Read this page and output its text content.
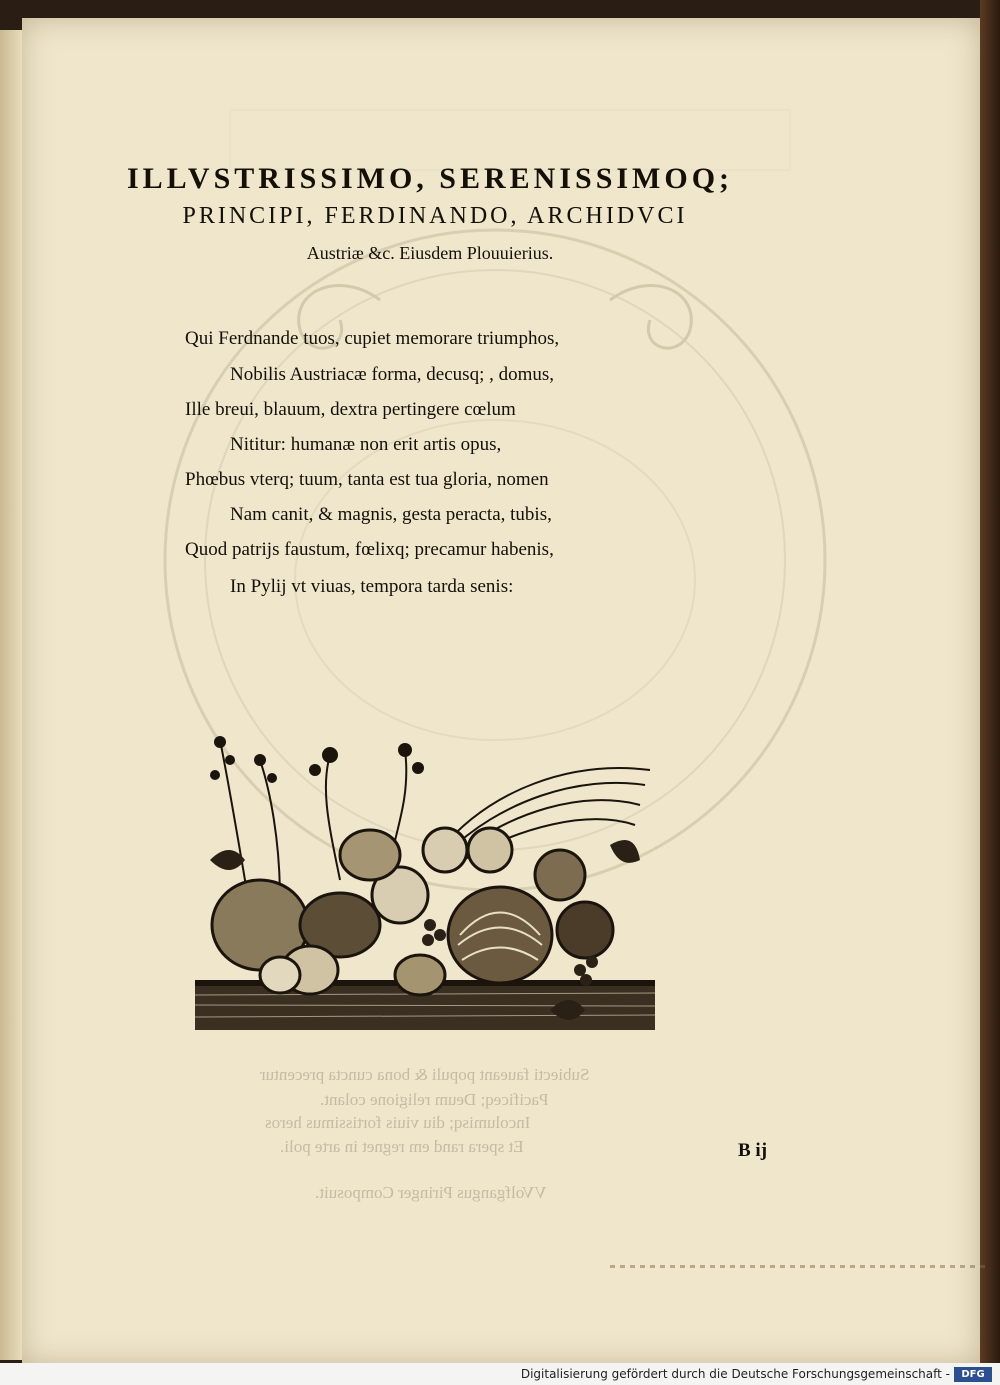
Subiecti faueant populi & bona cuncta precentur
Pacificeq; Deum religione colant.
Incolumisq; diu viuis fortissimus heros
Et spera rand em regnet in arte poli.
VVolfgangus Piringer Composuit.
ILLVSTRISSIMO, SERENISSIMOQ;
PRINCIPI, FERDINANDO, ARCHIDVCI
Austriæ &c. Eiusdem Plouuierius.
Qui Ferdnande tuos, cupiet memorare triumphos,
Nobilis Austriacæ forma, decusq; , domus,
Ille breui, blauum, dextra pertingere cœlum
Nititur: humanæ non erit artis opus,
Phœbus vterq; tuum, tanta est tua gloria, nomen
Nam canit, & magnis, gesta peracta, tubis,
Quod patrijs faustum, fœlixq; precamur habenis,
In Pylij vt viuas, tempora tarda senis:
B ij
Digitalisierung gefördert durch die Deutsche Forschungsgemeinschaft -	DFG
